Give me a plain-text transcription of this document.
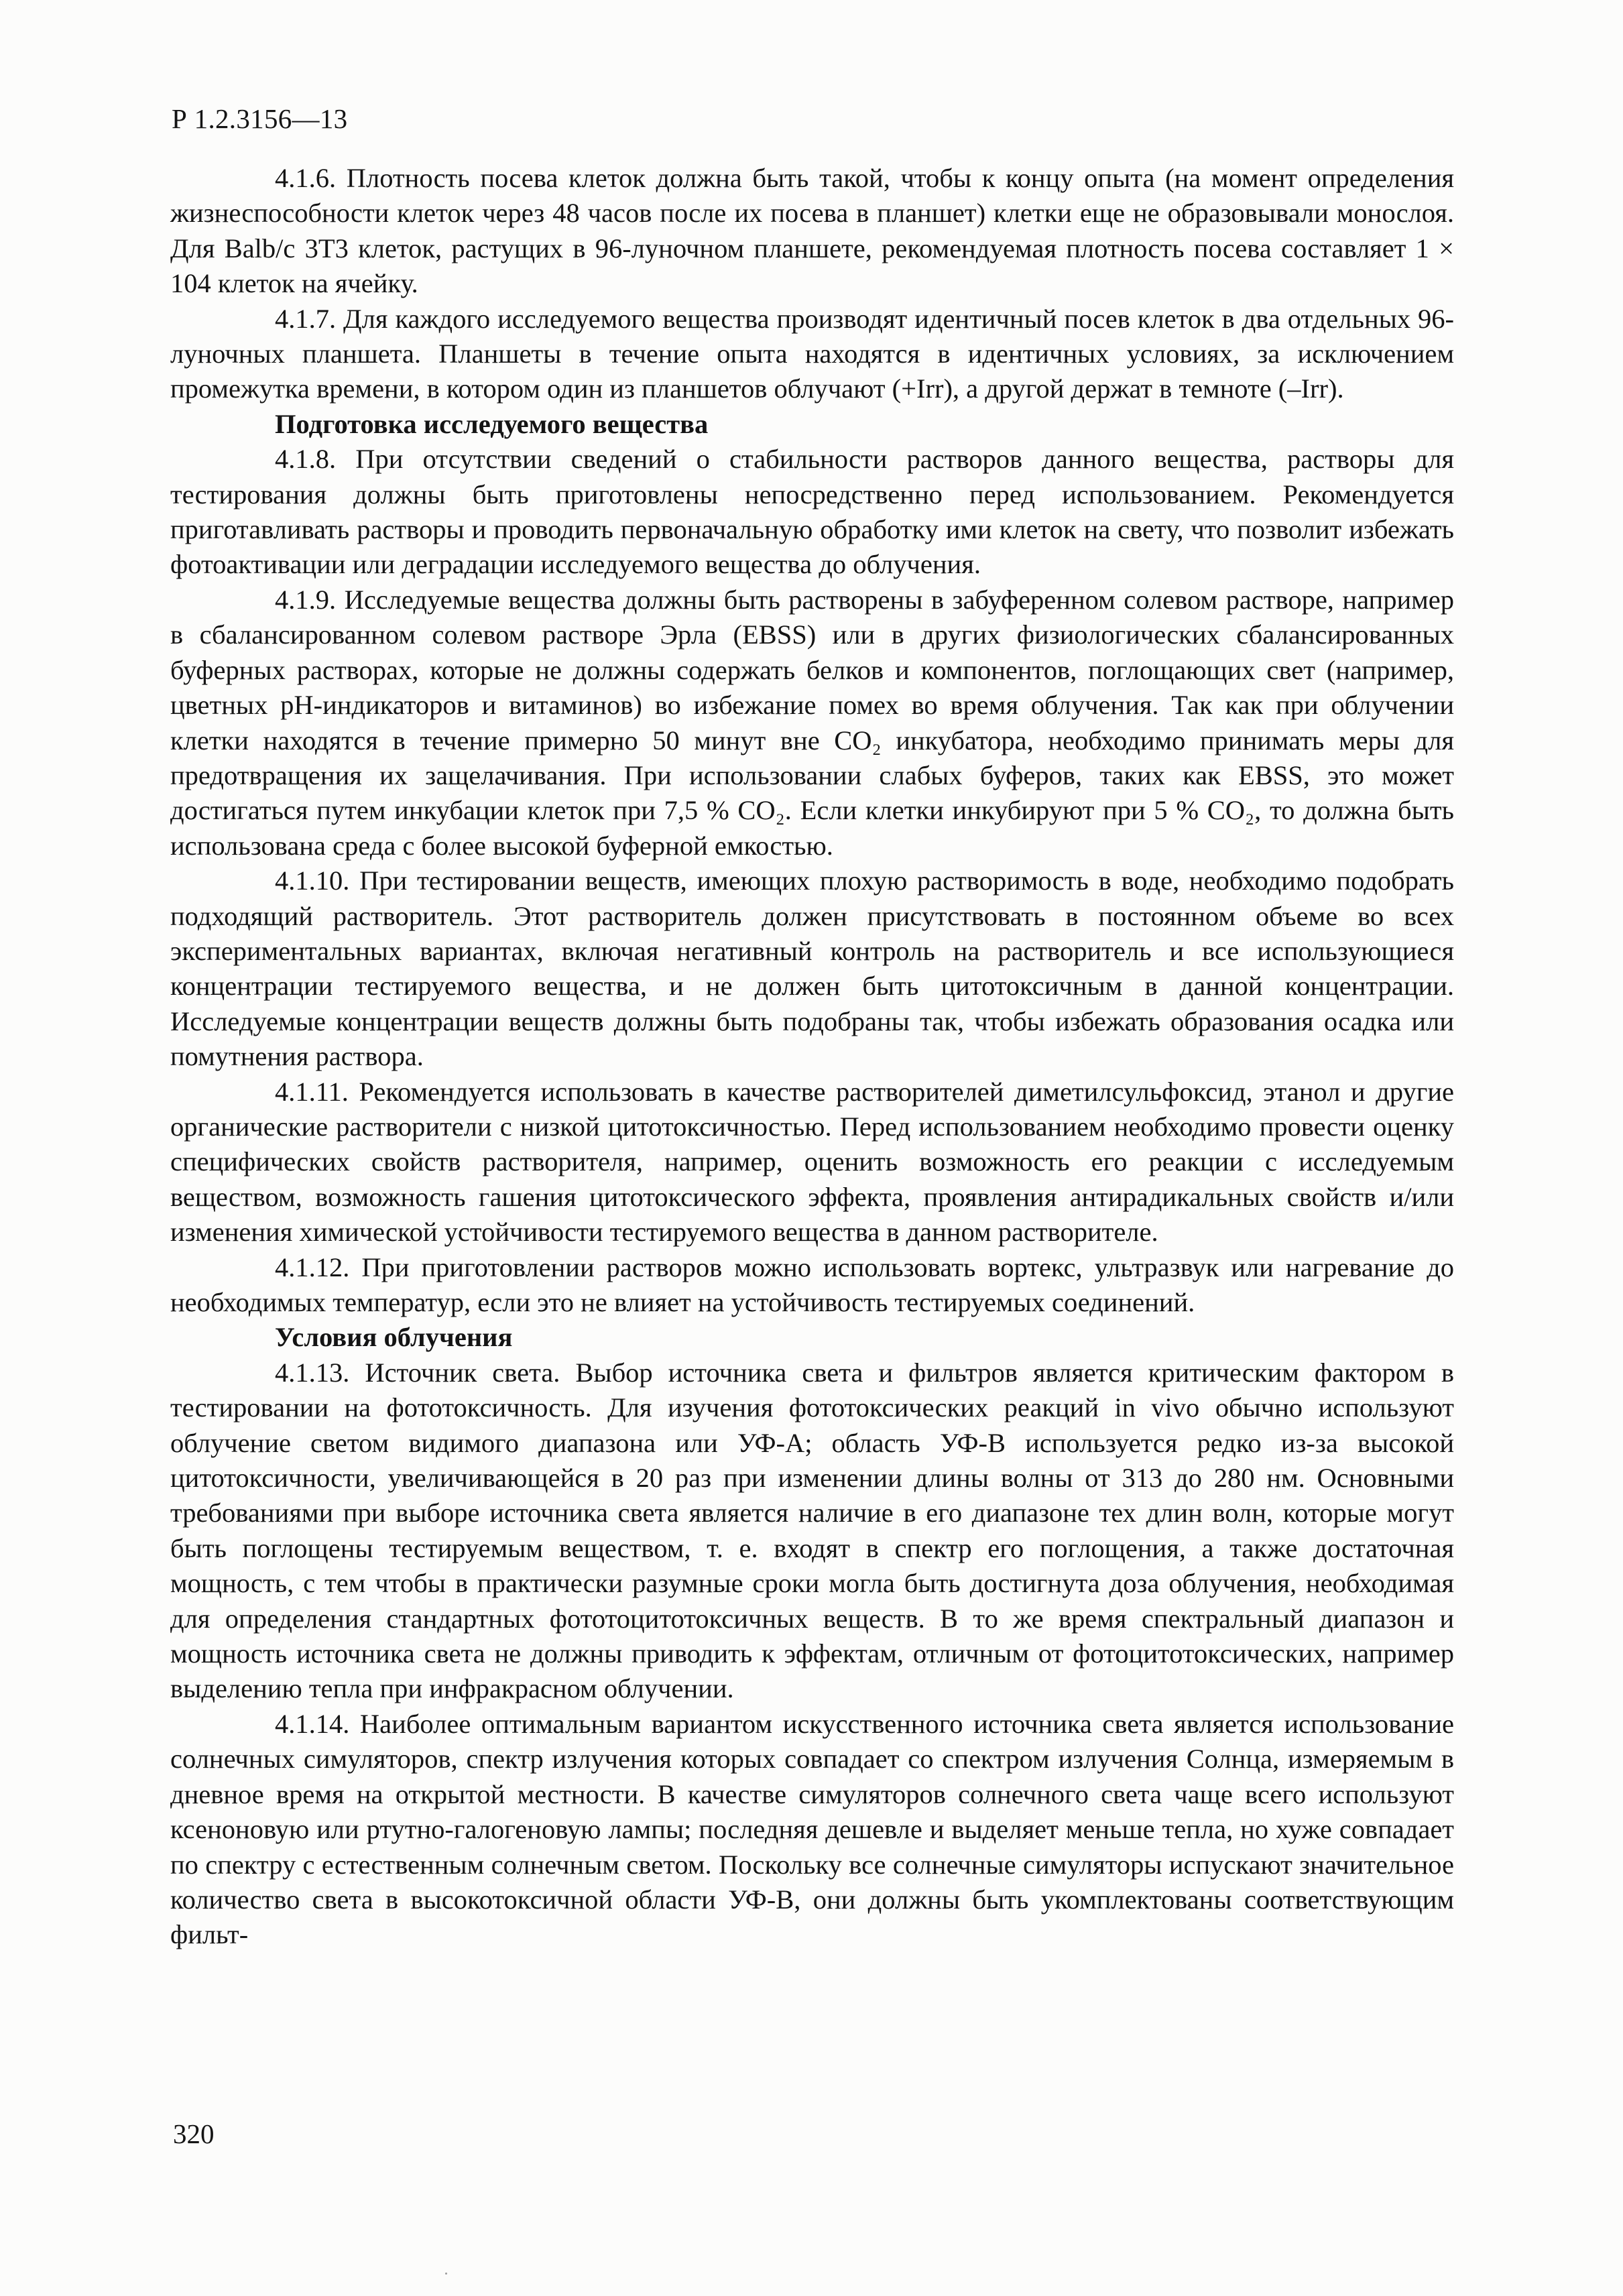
Р 1.2.3156—13

4.1.6. Плотность посева клеток должна быть такой, чтобы к концу опыта (на момент определения жизнеспособности клеток через 48 часов после их посева в планшет) клетки еще не образовывали монослоя. Для Balb/c 3T3 клеток, растущих в 96-луночном планшете, рекомендуемая плотность посева составляет 1 × 104 клеток на ячейку.

4.1.7. Для каждого исследуемого вещества производят идентичный посев клеток в два отдельных 96-луночных планшета. Планшеты в течение опыта находятся в идентичных условиях, за исключением промежутка времени, в котором один из планшетов облучают (+Irr), а другой держат в темноте (–Irr).

Подготовка исследуемого вещества

4.1.8. При отсутствии сведений о стабильности растворов данного вещества, растворы для тестирования должны быть приготовлены непосредственно перед использованием. Рекомендуется приготавливать растворы и проводить первоначальную обработку ими клеток на свету, что позволит избежать фотоактивации или деградации исследуемого вещества до облучения.

4.1.9. Исследуемые вещества должны быть растворены в забуференном солевом растворе, например в сбалансированном солевом растворе Эрла (EBSS) или в других физиологических сбалансированных буферных растворах, которые не должны содержать белков и компонентов, поглощающих свет (например, цветных pH-индикаторов и витаминов) во избежание помех во время облучения. Так как при облучении клетки находятся в течение примерно 50 минут вне CO₂ инкубатора, необходимо принимать меры для предотвращения их защелачивания. При использовании слабых буферов, таких как EBSS, это может достигаться путем инкубации клеток при 7,5 % CO₂. Если клетки инкубируют при 5 % CO₂, то должна быть использована среда с более высокой буферной емкостью.

4.1.10. При тестировании веществ, имеющих плохую растворимость в воде, необходимо подобрать подходящий растворитель. Этот растворитель должен присутствовать в постоянном объеме во всех экспериментальных вариантах, включая негативный контроль на растворитель и все использующиеся концентрации тестируемого вещества, и не должен быть цитотоксичным в данной концентрации. Исследуемые концентрации веществ должны быть подобраны так, чтобы избежать образования осадка или помутнения раствора.

4.1.11. Рекомендуется использовать в качестве растворителей диметилсульфоксид, этанол и другие органические растворители с низкой цитотоксичностью. Перед использованием необходимо провести оценку специфических свойств растворителя, например, оценить возможность его реакции с исследуемым веществом, возможность гашения цитотоксического эффекта, проявления антирадикальных свойств и/или изменения химической устойчивости тестируемого вещества в данном растворителе.

4.1.12. При приготовлении растворов можно использовать вортекс, ультразвук или нагревание до необходимых температур, если это не влияет на устойчивость тестируемых соединений.

Условия облучения

4.1.13. Источник света. Выбор источника света и фильтров является критическим фактором в тестировании на фототоксичность. Для изучения фототоксических реакций in vivo обычно используют облучение светом видимого диапазона или УФ-А; область УФ-В используется редко из-за высокой цитотоксичности, увеличивающейся в 20 раз при изменении длины волны от 313 до 280 нм. Основными требованиями при выборе источника света является наличие в его диапазоне тех длин волн, которые могут быть поглощены тестируемым веществом, т. е. входят в спектр его поглощения, а также достаточная мощность, с тем чтобы в практически разумные сроки могла быть достигнута доза облучения, необходимая для определения стандартных фототоцитотоксичных веществ. В то же время спектральный диапазон и мощность источника света не должны приводить к эффектам, отличным от фотоцитотоксических, например выделению тепла при инфракрасном облучении.

4.1.14. Наиболее оптимальным вариантом искусственного источника света является использование солнечных симуляторов, спектр излучения которых совпадает со спектром излучения Солнца, измеряемым в дневное время на открытой местности. В качестве симуляторов солнечного света чаще всего используют ксеноновую или ртутно-галогеновую лампы; последняя дешевле и выделяет меньше тепла, но хуже совпадает по спектру с естественным солнечным светом. Поскольку все солнечные симуляторы испускают значительное количество света в высокотоксичной области УФ-В, они должны быть укомплектованы соответствующим фильт-

320
